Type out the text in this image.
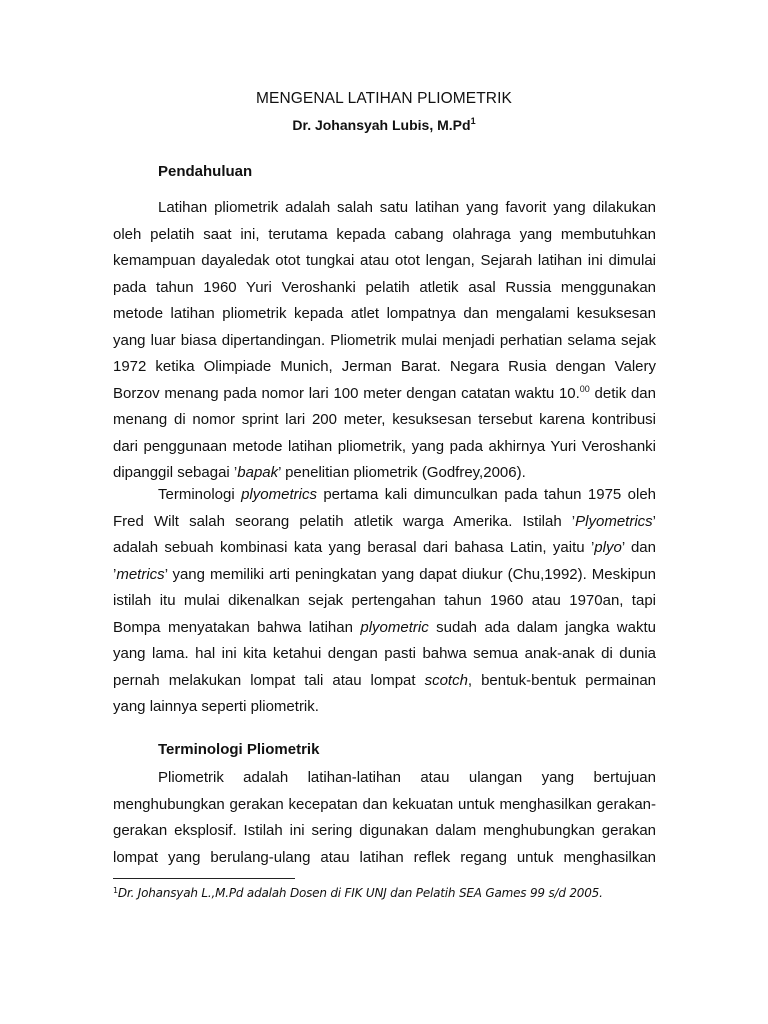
MENGENAL LATIHAN PLIOMETRIK
Dr. Johansyah Lubis, M.Pd$^1$
Pendahuluan
Latihan pliometrik adalah salah satu latihan yang favorit yang dilakukan
oleh pelatih saat ini, terutama kepada cabang olahraga yang membutuhkan
kemampuan dayaledak otot tungkai atau otot lengan, Sejarah latihan ini dimulai
pada tahun 1960 Yuri Veroshanki pelatih atletik asal Russia menggunakan
metode latihan pliometrik kepada atlet lompatnya dan mengalami kesuksesan
yang luar biasa dipertandingan. Pliometrik mulai menjadi perhatian selama sejak
1972 ketika Olimpiade Munich, Jerman Barat. Negara Rusia dengan Valery
Borzov menang pada nomor lari 100 meter dengan catatan waktu 10.00 detik dan
menang di nomor sprint lari 200 meter, kesuksesan tersebut karena kontribusi
dari penggunaan metode latihan pliometrik, yang pada akhirnya Yuri Veroshanki
dipanggil sebagai ’bapak’ penelitian pliometrik (Godfrey,2006).
Terminologi plyometrics pertama kali dimunculkan pada tahun 1975 oleh
Fred Wilt salah seorang pelatih atletik warga Amerika. Istilah ’Plyometrics’
adalah sebuah kombinasi kata yang berasal dari bahasa Latin, yaitu ’plyo’ dan
’metrics’ yang memiliki arti peningkatan yang dapat diukur (Chu,1992). Meskipun
istilah itu mulai dikenalkan sejak pertengahan tahun 1960 atau 1970an, tapi
Bompa menyatakan bahwa latihan plyometric sudah ada dalam jangka waktu
yang lama. hal ini kita ketahui dengan pasti bahwa semua anak-anak di dunia
pernah melakukan lompat tali atau lompat scotch, bentuk-bentuk permainan
yang lainnya seperti pliometrik.
Terminologi Pliometrik
Pliometrik adalah latihan-latihan atau ulangan yang bertujuan
menghubungkan gerakan kecepatan dan kekuatan untuk menghasilkan gerakan-
gerakan eksplosif. Istilah ini sering digunakan dalam menghubungkan gerakan
lompat yang berulang-ulang atau latihan reflek regang untuk menghasilkan
$^1$Dr. Johansyah L.,M.Pd adalah Dosen di FIK UNJ dan Pelatih SEA Games 99 s/d 2005.
